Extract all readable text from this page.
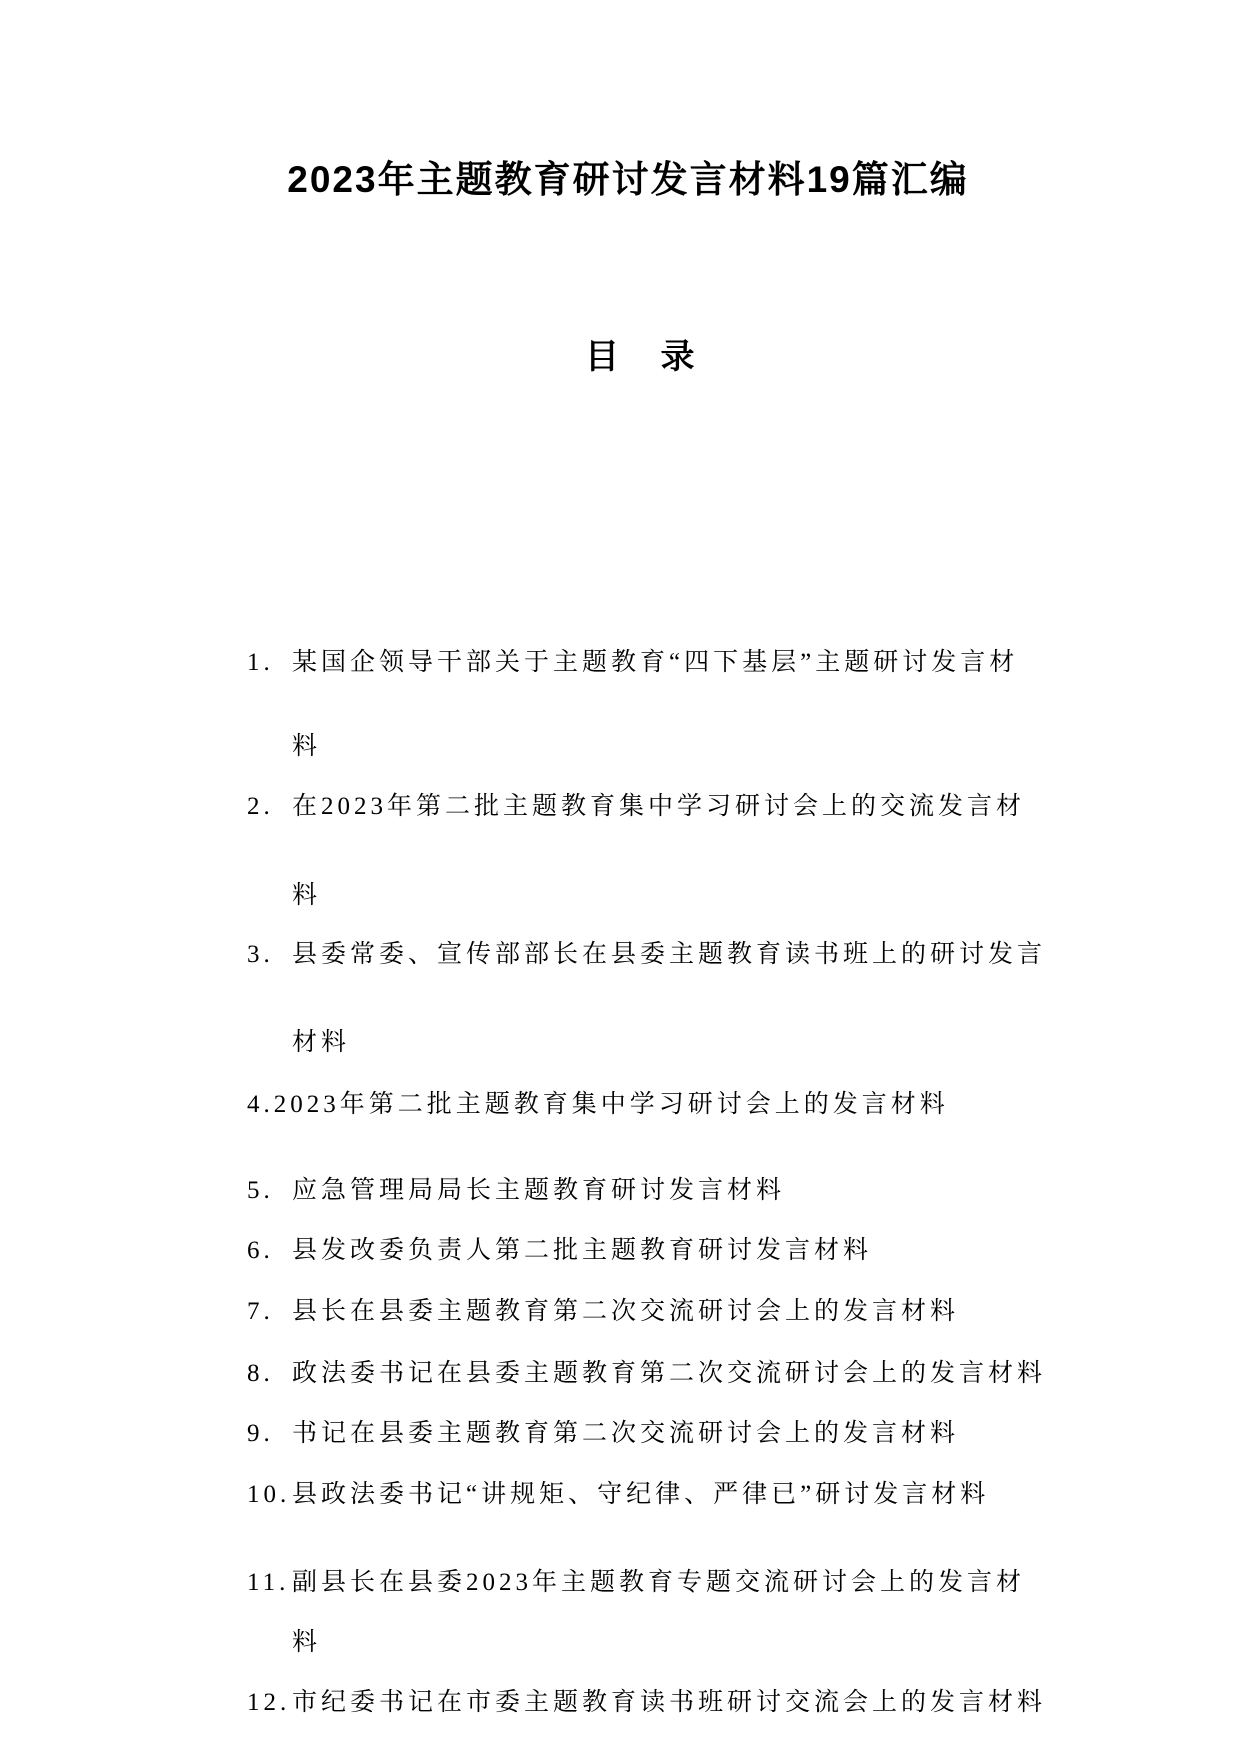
2023年主题教育研讨发言材料19篇汇编
目 录
1. 某国企领导干部关于主题教育“四下基层”主题研讨发言材
料
2. 在2023年第二批主题教育集中学习研讨会上的交流发言材
料
3. 县委常委、宣传部部长在县委主题教育读书班上的研讨发言
材料
4.2023年第二批主题教育集中学习研讨会上的发言材料
5. 应急管理局局长主题教育研讨发言材料
6. 县发改委负责人第二批主题教育研讨发言材料
7. 县长在县委主题教育第二次交流研讨会上的发言材料
8. 政法委书记在县委主题教育第二次交流研讨会上的发言材料
9. 书记在县委主题教育第二次交流研讨会上的发言材料
10.县政法委书记“讲规矩、守纪律、严律已”研讨发言材料
11. 副县长在县委2023年主题教育专题交流研讨会上的发言材
料
12.市纪委书记在市委主题教育读书班研讨交流会上的发言材料
